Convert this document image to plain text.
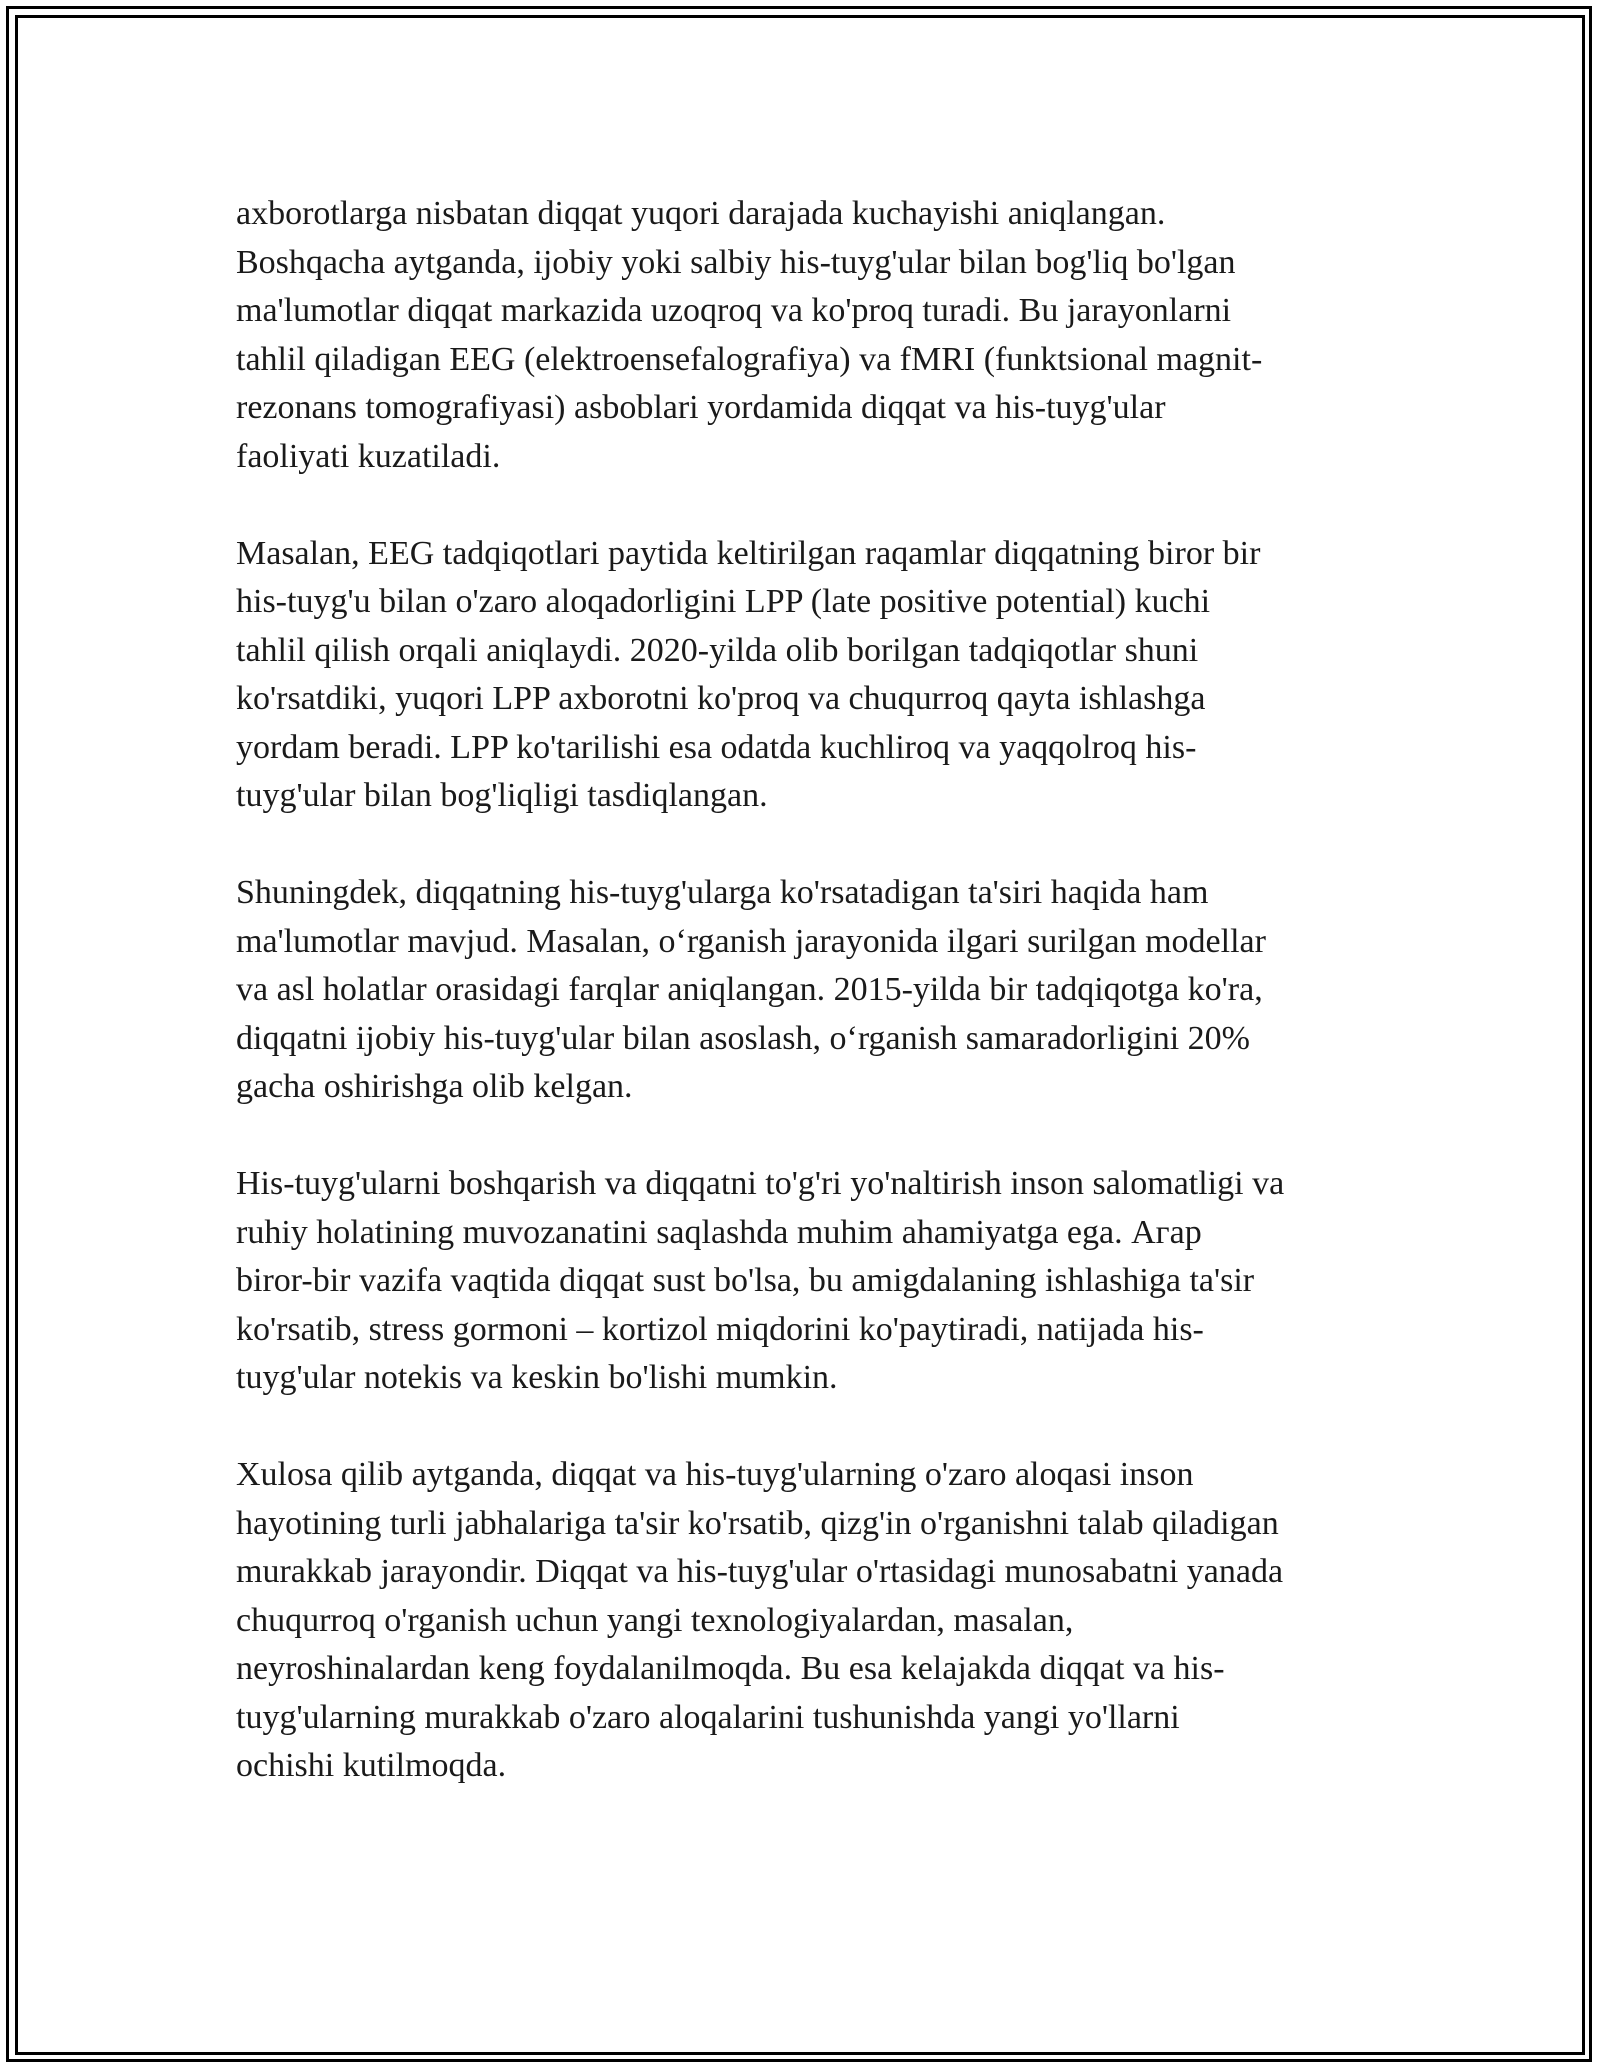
axborotlarga nisbatan diqqat yuqori darajada kuchayishi aniqlangan.
Boshqacha aytganda, ijobiy yoki salbiy his-tuyg'ular bilan bog'liq bo'lgan
ma'lumotlar diqqat markazida uzoqroq va ko'proq turadi. Bu jarayonlarni
tahlil qiladigan EEG (elektroensefalografiya) va fMRI (funktsional magnit-
rezonans tomografiyasi) asboblari yordamida diqqat va his-tuyg'ular
faoliyati kuzatiladi.

Masalan, EEG tadqiqotlari paytida keltirilgan raqamlar diqqatning biror bir
his-tuyg'u bilan o'zaro aloqadorligini LPP (late positive potential) kuchi
tahlil qilish orqali aniqlaydi. 2020-yilda olib borilgan tadqiqotlar shuni
ko'rsatdiki, yuqori LPP axborotni ko'proq va chuqurroq qayta ishlashga
yordam beradi. LPP ko'tarilishi esa odatda kuchliroq va yaqqolroq his-
tuyg'ular bilan bog'liqligi tasdiqlangan.

Shuningdek, diqqatning his-tuyg'ularga ko'rsatadigan ta'siri haqida ham
ma'lumotlar mavjud. Masalan, o‘rganish jarayonida ilgari surilgan modellar
va asl holatlar orasidagi farqlar aniqlangan. 2015-yilda bir tadqiqotga ko'ra,
diqqatni ijobiy his-tuyg'ular bilan asoslash, o‘rganish samaradorligini 20%
gacha oshirishga olib kelgan.

His-tuyg'ularni boshqarish va diqqatni to'g'ri yo'naltirish inson salomatligi va
ruhiy holatining muvozanatini saqlashda muhim ahamiyatga ega. Агар
biror-bir vazifa vaqtida diqqat sust bo'lsa, bu amigdalaning ishlashiga ta'sir
ko'rsatib, stress gormoni – kortizol miqdorini ko'paytiradi, natijada his-
tuyg'ular notekis va keskin bo'lishi mumkin.

Xulosa qilib aytganda, diqqat va his-tuyg'ularning o'zaro aloqasi inson
hayotining turli jabhalariga ta'sir ko'rsatib, qizg'in o'rganishni talab qiladigan
murakkab jarayondir. Diqqat va his-tuyg'ular o'rtasidagi munosabatni yanada
chuqurroq o'rganish uchun yangi texnologiyalardan, masalan,
neyroshinalardan keng foydalanilmoqda. Bu esa kelajakda diqqat va his-
tuyg'ularning murakkab o'zaro aloqalarini tushunishda yangi yo'llarni
ochishi kutilmoqda.
